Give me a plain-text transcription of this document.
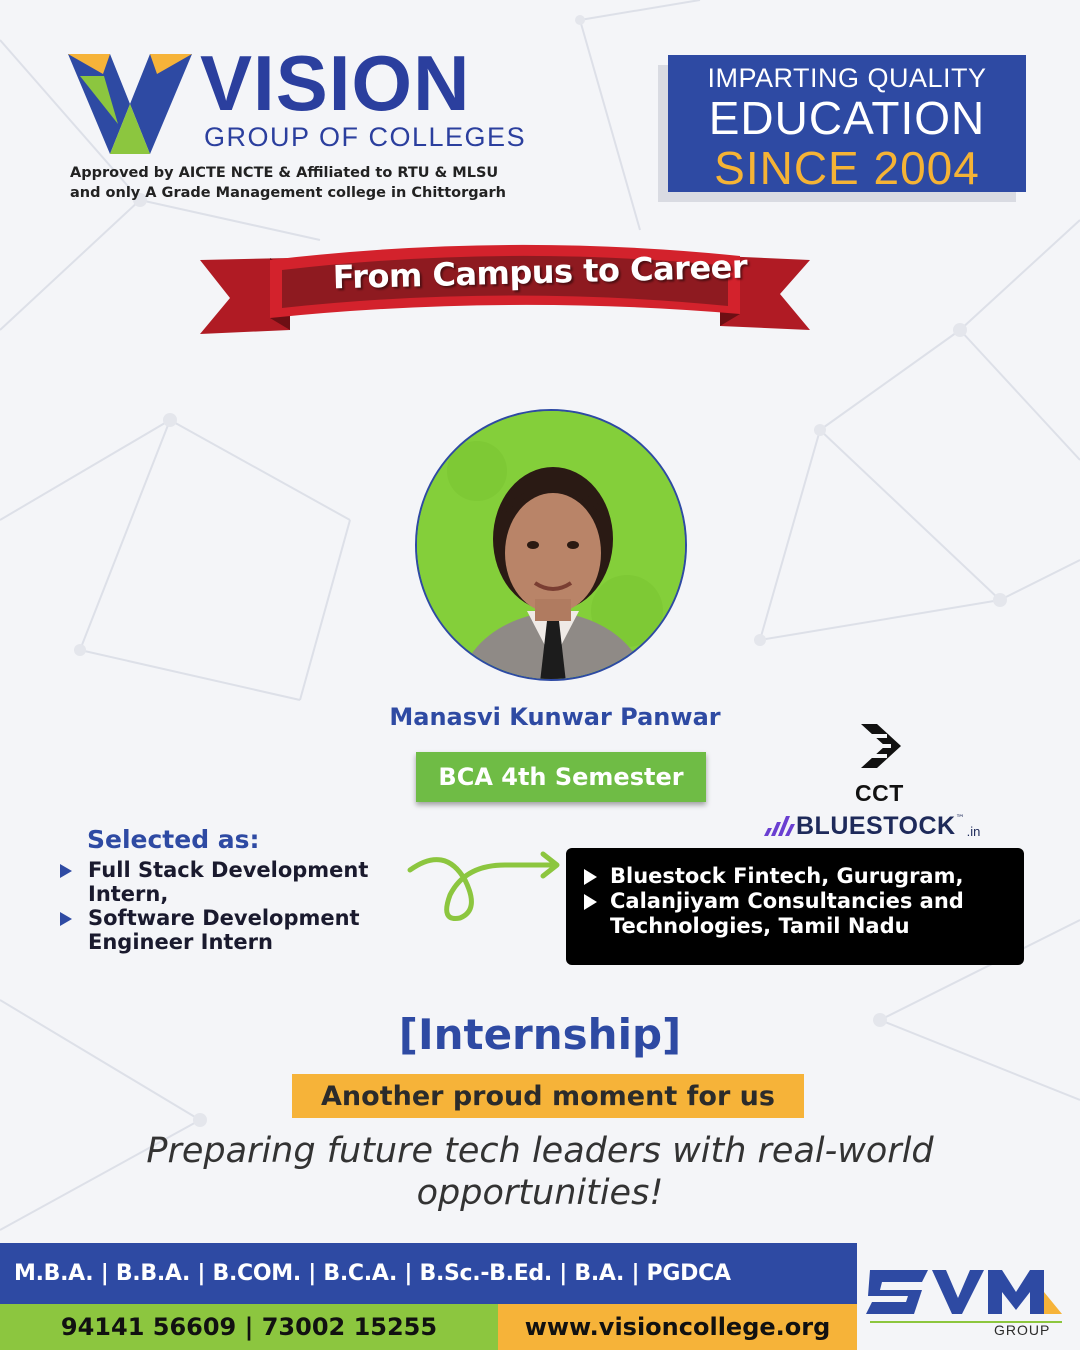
VISION
GROUP OF COLLEGES
Approved by AICTE NCTE & Affiliated to RTU & MLSU
and only A Grade Management college in Chittorgarh
IMPARTING QUALITY
EDUCATION
SINCE 2004
From Campus to Career
Manasvi Kunwar Panwar
BCA 4th Semester
CCT
BLUESTOCK ™
.in
Selected as:
Full Stack Development Intern,
Software Development Engineer Intern
Bluestock Fintech, Gurugram,
Calanjiyam Consultancies and Technologies, Tamil Nadu
[Internship]
Another proud moment for us
Preparing future tech leaders with real-world opportunities!
M.B.A. | B.B.A. | B.COM. | B.C.A. | B.Sc.-B.Ed. | B.A. | PGDCA
94141 56609 | 73002 15255	www.visioncollege.org	GROUP
